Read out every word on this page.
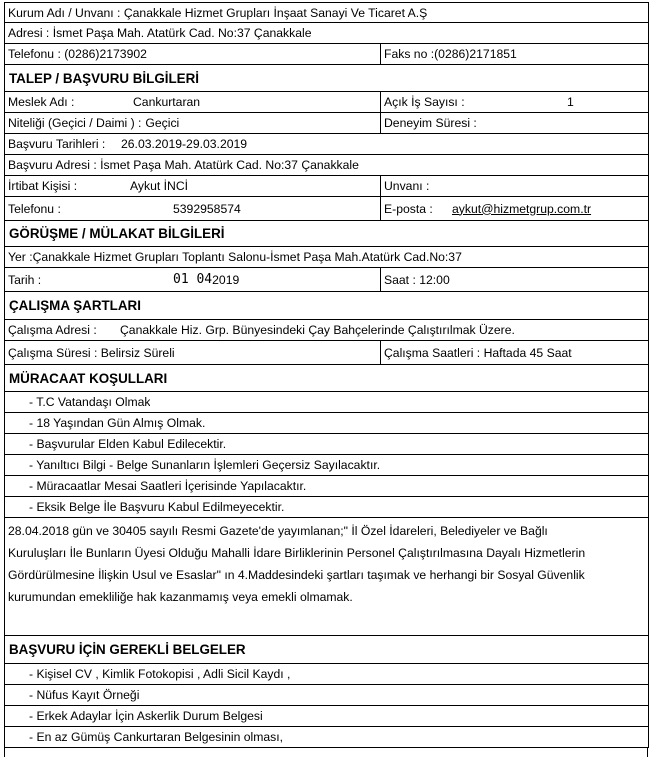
Kurum Adı / Unvanı : Çanakkale Hizmet Grupları İnşaat Sanayi Ve Ticaret A.Ş
Adresi : İsmet Paşa Mah. Atatürk Cad. No:37 Çanakkale
Telefonu : (0286)2173902	Faks no :(0286)2171851
TALEP / BAŞVURU BİLGİLERİ
Meslek Adı :	Cankurtaran	Açık İş Sayısı :	1
Niteliği (Geçici / Daimi ) : Geçici	Deneyim Süresi :
Başvuru Tarihleri :	26.03.2019-29.03.2019
Başvuru Adresi : İsmet Paşa Mah. Atatürk Cad. No:37 Çanakkale
İrtibat Kişisi :	Aykut İNCİ	Unvanı :
Telefonu :	5392958574	E-posta :	aykut@hizmetgrup.com.tr
GÖRÜŞME / MÜLAKAT BİLGİLERİ
Yer :Çanakkale Hizmet Grupları Toplantı Salonu-İsmet Paşa Mah.Atatürk Cad.No:37
Tarih :	01 04 2019	Saat : 12:00
ÇALIŞMA ŞARTLARI
Çalışma Adresi :	Çanakkale Hiz. Grp. Bünyesindeki Çay Bahçelerinde Çalıştırılmak Üzere.
Çalışma Süresi : Belirsiz Süreli	Çalışma Saatleri : Haftada 45 Saat
MÜRACAAT KOŞULLARI
- T.C Vatandaşı Olmak
- 18 Yaşından Gün Almış Olmak.
- Başvurular Elden Kabul Edilecektir.
- Yanıltıcı Bilgi - Belge Sunanların İşlemleri Geçersiz Sayılacaktır.
- Müracaatlar Mesai Saatleri İçerisinde Yapılacaktır.
- Eksik Belge İle Başvuru Kabul Edilmeyecektir.

28.04.2018 gün ve 30405 sayılı Resmi Gazete'de yayımlanan;" İl Özel İdareleri, Belediyeler ve Bağlı

Kuruluşları İle Bunların Üyesi Olduğu Mahalli İdare Birliklerinin Personel Çalıştırılmasına Dayalı Hizmetlerin

Gördürülmesine İlişkin Usul ve Esaslar" ın 4.Maddesindeki şartları taşımak ve herhangi bir Sosyal Güvenlik

kurumundan emekliliğe hak kazanmamış veya emekli olmamak.

BAŞVURU İÇİN GEREKLİ BELGELER
- Kişisel CV , Kimlik Fotokopisi , Adli Sicil Kaydı ,
- Nüfus Kayıt Örneği
- Erkek Adaylar İçin Askerlik Durum Belgesi
- En az Gümüş Cankurtaran Belgesinin olması,
